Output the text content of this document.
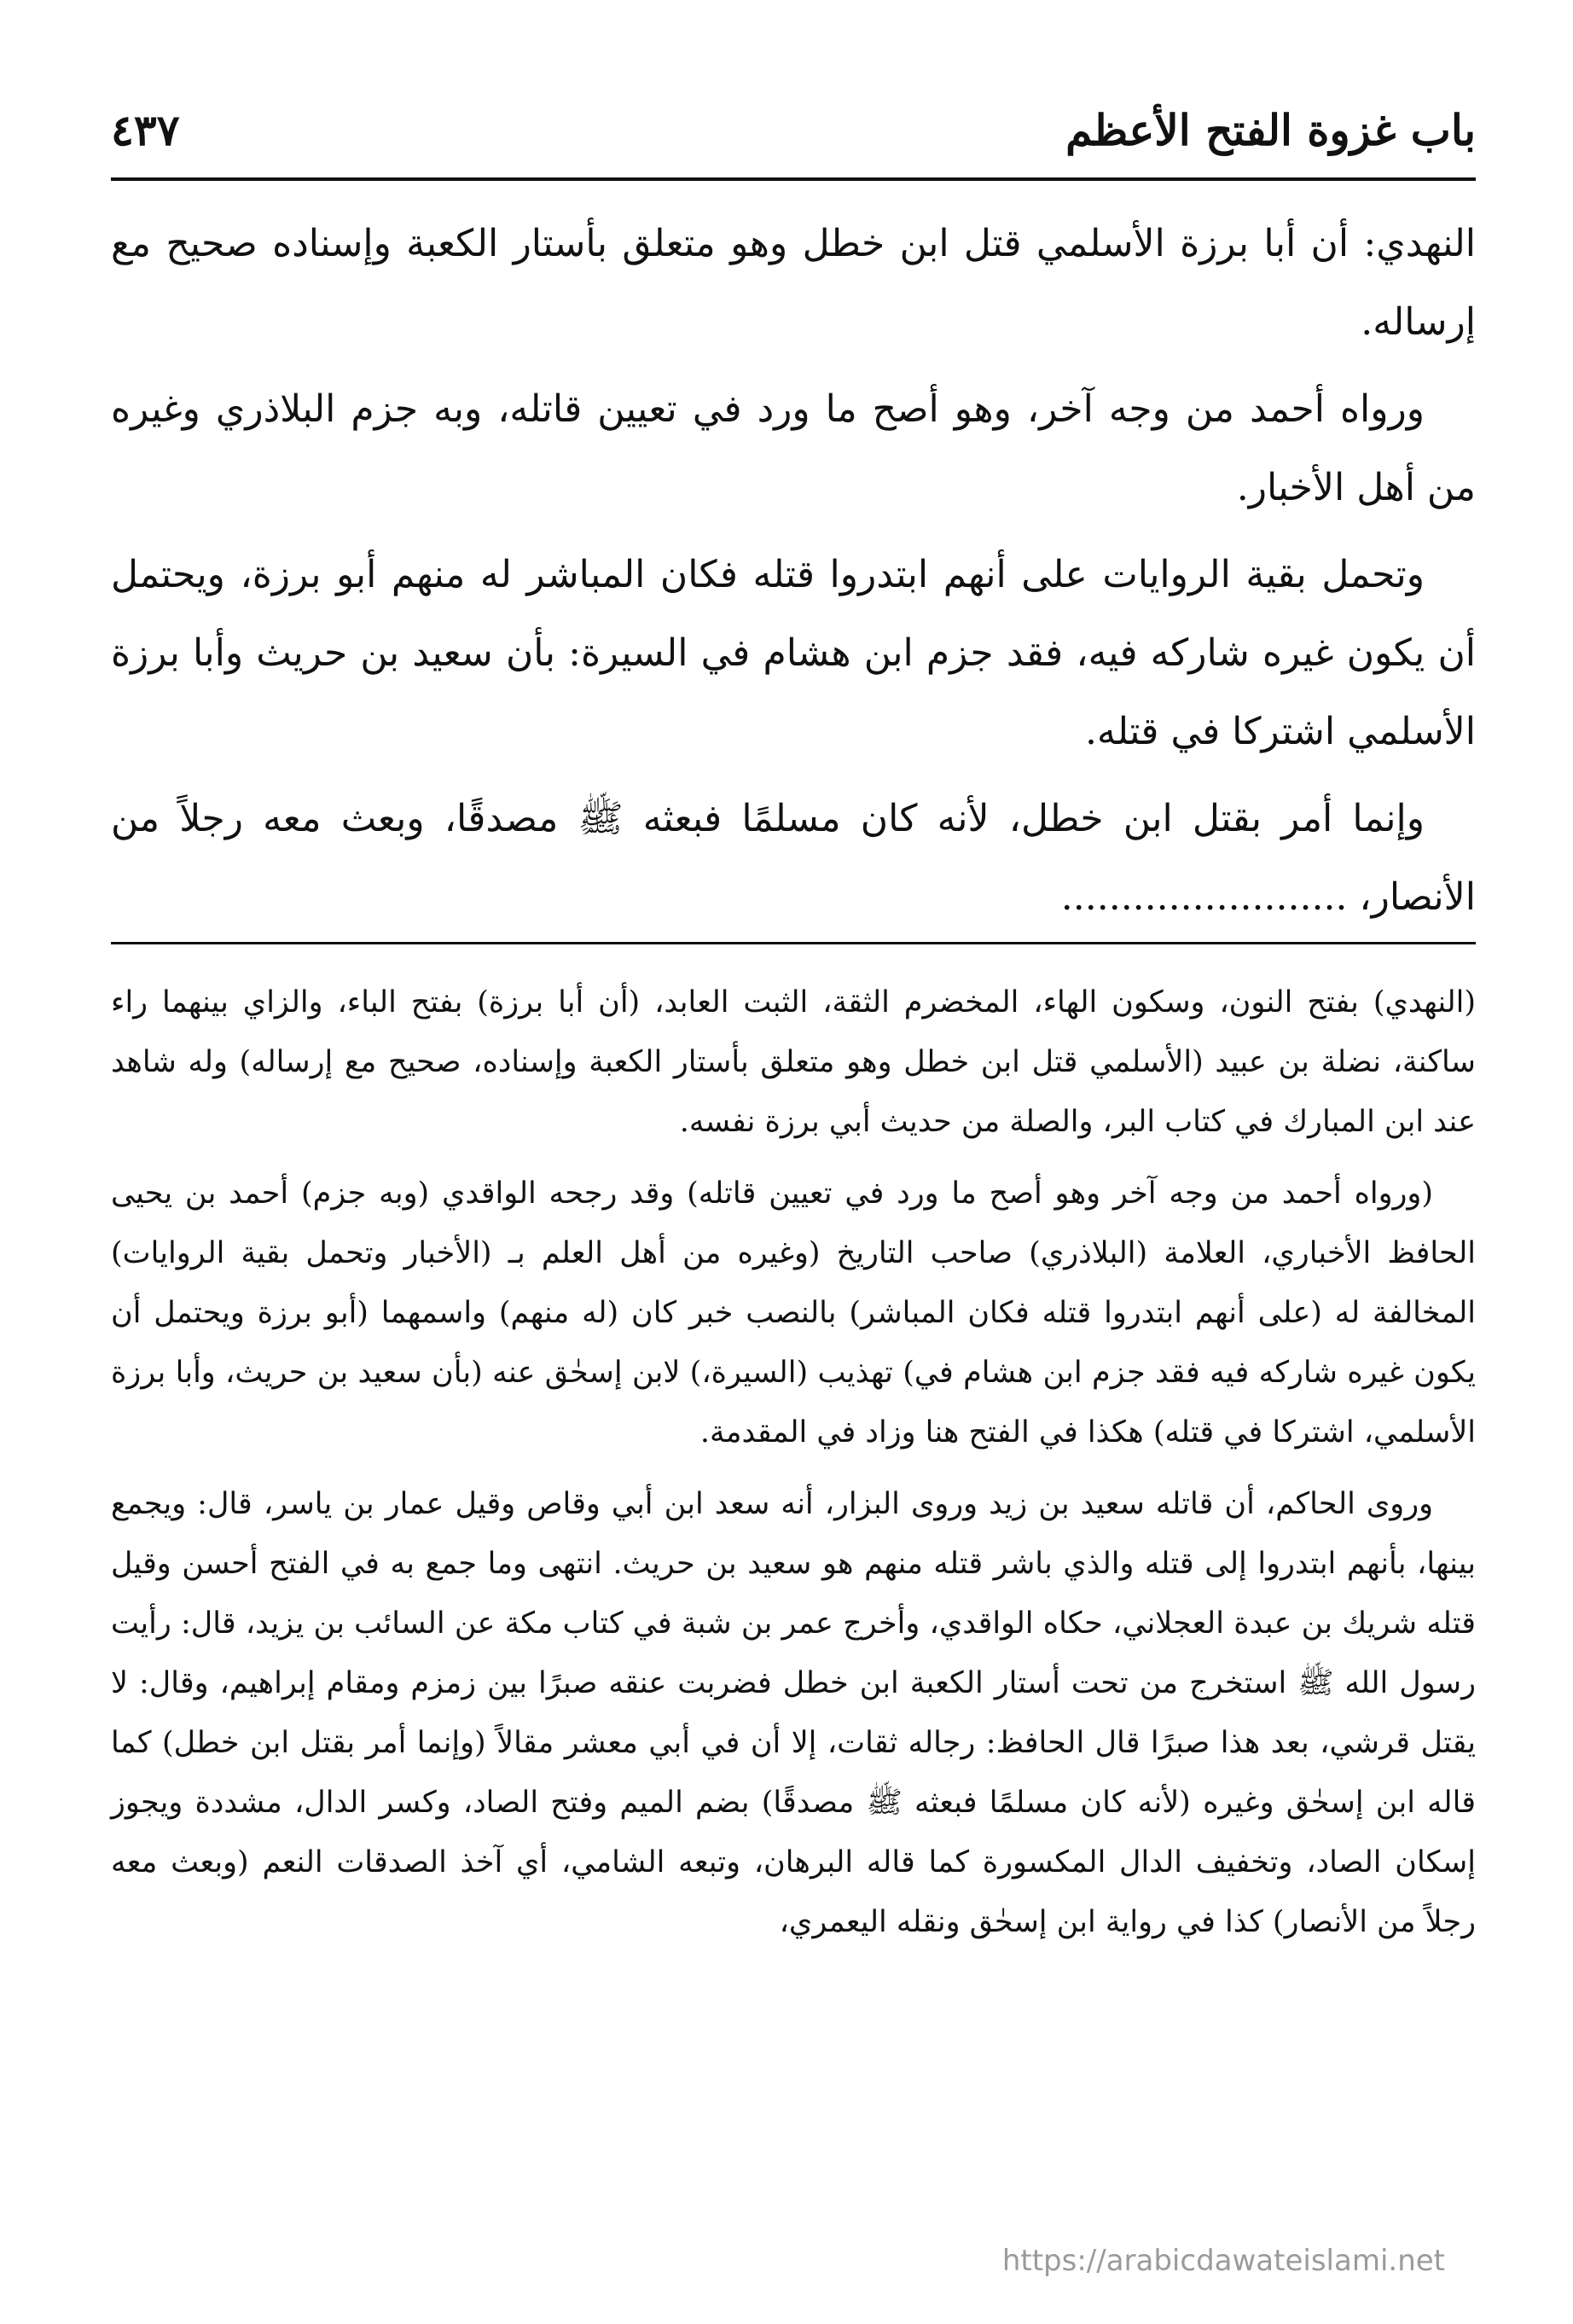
باب غزوة الفتح الأعظم
٤٣٧

النهدي: أن أبا برزة الأسلمي قتل ابن خطل وهو متعلق بأستار الكعبة وإسناده صحيح مع إرساله.

ورواه أحمد من وجه آخر، وهو أصح ما ورد في تعيين قاتله، وبه جزم البلاذري وغيره من أهل الأخبار.

وتحمل بقية الروايات على أنهم ابتدروا قتله فكان المباشر له منهم أبو برزة، ويحتمل أن يكون غيره شاركه فيه، فقد جزم ابن هشام في السيرة: بأن سعيد بن حريث وأبا برزة الأسلمي اشتركا في قتله.

وإنما أمر بقتل ابن خطل، لأنه كان مسلمًا فبعثه ﷺ مصدقًا، وبعث معه رجلاً من الأنصار، ........................

(النهدي) بفتح النون، وسكون الهاء، المخضرم الثقة، الثبت العابد، (أن أبا برزة) بفتح الباء، والزاي بينهما راء ساكنة، نضلة بن عبيد (الأسلمي قتل ابن خطل وهو متعلق بأستار الكعبة وإسناده، صحيح مع إرساله) وله شاهد عند ابن المبارك في كتاب البر، والصلة من حديث أبي برزة نفسه.

(ورواه أحمد من وجه آخر وهو أصح ما ورد في تعيين قاتله) وقد رجحه الواقدي (وبه جزم) أحمد بن يحيى الحافظ الأخباري، العلامة (البلاذري) صاحب التاريخ (وغيره من أهل العلم بـ (الأخبار وتحمل بقية الروايات) المخالفة له (على أنهم ابتدروا قتله فكان المباشر) بالنصب خبر كان (له منهم) واسمهما (أبو برزة ويحتمل أن يكون غيره شاركه فيه فقد جزم ابن هشام في) تهذيب (السيرة،) لابن إسحٰق عنه (بأن سعيد بن حريث، وأبا برزة الأسلمي، اشتركا في قتله) هكذا في الفتح هنا وزاد في المقدمة.

وروى الحاكم، أن قاتله سعيد بن زيد وروى البزار، أنه سعد ابن أبي وقاص وقيل عمار بن ياسر، قال: ويجمع بينها، بأنهم ابتدروا إلى قتله والذي باشر قتله منهم هو سعيد بن حريث. انتهى وما جمع به في الفتح أحسن وقيل قتله شريك بن عبدة العجلاني، حكاه الواقدي، وأخرج عمر بن شبة في كتاب مكة عن السائب بن يزيد، قال: رأيت رسول الله ﷺ استخرج من تحت أستار الكعبة ابن خطل فضربت عنقه صبرًا بين زمزم ومقام إبراهيم، وقال: لا يقتل قرشي، بعد هذا صبرًا قال الحافظ: رجاله ثقات، إلا أن في أبي معشر مقالاً (وإنما أمر بقتل ابن خطل) كما قاله ابن إسحٰق وغيره (لأنه كان مسلمًا فبعثه ﷺ مصدقًا) بضم الميم وفتح الصاد، وكسر الدال، مشددة ويجوز إسكان الصاد، وتخفيف الدال المكسورة كما قاله البرهان، وتبعه الشامي، أي آخذ الصدقات النعم (وبعث معه رجلاً من الأنصار) كذا في رواية ابن إسحٰق ونقله اليعمري،

https://arabicdawateislami.net
